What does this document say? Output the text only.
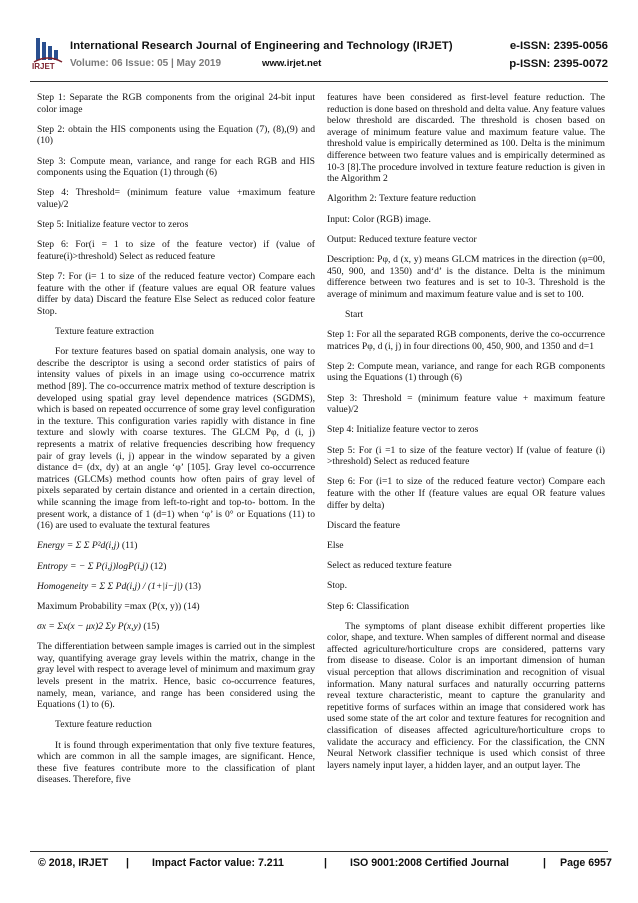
IRJET
International Research Journal of Engineering and Technology (IRJET)	e-ISSN: 2395-0056
Volume: 06 Issue: 05 | May 2019	www.irjet.net	p-ISSN: 2395-0072

Step 1: Separate the RGB components from the original 24-bit input color image

Step 2: obtain the HIS components using the Equation (7), (8),(9) and (10)

Step 3: Compute mean, variance, and range for each RGB and HIS components using the Equation (1) through (6)

Step 4: Threshold= (minimum feature value +maximum feature value)/2

Step 5: Initialize feature vector to zeros

Step 6: For(i = 1 to size of the feature vector) if (value of feature(i)>threshold) Select as reduced feature

Step 7: For (i= 1 to size of the reduced feature vector) Compare each feature with the other if (feature values are equal OR feature values differ by data) Discard the feature Else Select as reduced color feature Stop.

Texture feature extraction

For texture features based on spatial domain analysis, one way to describe the descriptor is using a second order statistics of pairs of intensity values of pixels in an image using co-occurrence matrix method [89]. The co-occurrence matrix method of texture description is developed using spatial gray level dependence matrices (SGDMS), which is based on repeated occurrence of some gray level configuration in the texture. This configuration varies rapidly with distance in fine texture and slowly with coarse textures. The GLCM Pφ, d (i, j) represents a matrix of relative frequencies describing how frequency pair of gray levels (i, j) appear in the window separated by a given distance d= (dx, dy) at an angle ‘φ’ [105]. Gray level co-occurrence matrices (GLCMs) method counts how often pairs of gray level of pixels separated by certain distance and oriented in a certain direction, while scanning the image from left-to-right and top-to- bottom. In the present work, a distance of 1 (d=1) when ‘φ’ is 0° or Equations (11) to (16) are used to evaluate the textural features

Energy = Σ Σ P²d(i,j) (11)

Entropy = − Σ P(i,j)logP(i,j) (12)

Homogeneity = Σ Σ Pd(i,j) / (1+|i−j|) (13)

Maximum Probability =max (P(x, y)) (14)

σx = Σx(x − μx)2 Σy P(x,y) (15)

The differentiation between sample images is carried out in the simplest way, quantifying average gray levels within the matrix, change in the gray level with respect to average level of minimum and maximum gray levels present in the matrix. Hence, basic co-occurrence features, namely, mean, variance, and range has been considered using the Equations (1) to (6).

Texture feature reduction

It is found through experimentation that only five texture features, which are common in all the sample images, are significant. Hence, these five features contribute more to the classification of plant diseases. Therefore, five

features have been considered as first-level feature reduction. The reduction is done based on threshold and delta value. Any feature values below threshold are discarded. The threshold is chosen based on average of minimum feature value and maximum feature value. The threshold value is empirically determined as 100. Delta is the minimum difference between two feature values and is empirically determined as 10-3 [8].The procedure involved in texture feature reduction is given in the Algorithm 2

Algorithm 2: Texture feature reduction

Input: Color (RGB) image.

Output: Reduced texture feature vector

Description: Pφ, d (x, y) means GLCM matrices in the direction (φ=00, 450, 900, and 1350) and‘d’ is the distance. Delta is the minimum difference between two features and is set to 10-3. Threshold is the average of minimum and maximum feature value and is set to 100.

Start

Step 1: For all the separated RGB components, derive the co-occurrence matrices Pφ, d (i, j) in four directions 00, 450, 900, and 1350 and d=1

Step 2: Compute mean, variance, and range for each RGB components using the Equations (1) through (6)

Step 3: Threshold = (minimum feature value + maximum feature value)/2

Step 4: Initialize feature vector to zeros

Step 5: For (i =1 to size of the feature vector) If (value of feature (i) >threshold) Select as reduced feature

Step 6: For (i=1 to size of the reduced feature vector) Compare each feature with the other If (feature values are equal OR feature values differ by delta)

Discard the feature

Else

Select as reduced texture feature

Stop.

Step 6: Classification

The symptoms of plant disease exhibit different properties like color, shape, and texture. When samples of different normal and disease affected agriculture/horticulture crops are considered, patterns vary from disease to disease. Color is an important dimension of human visual perception that allows discrimination and recognition of visual information. Many natural surfaces and naturally occurring patterns reveal texture characteristic, meant to capture the granularity and repetitive forms of surfaces within an image that considered work has used some state of the art color and texture features for recognition and classification of diseases affected agriculture/horticulture crops to validate the accuracy and efficiency. For the classification, the CNN Neural Network classifier technique is used which consist of three layers namely input layer, a hidden layer, and an output layer. The

© 2018, IRJET | Impact Factor value: 7.211	| ISO 9001:2008 Certified Journal	| Page 6957
